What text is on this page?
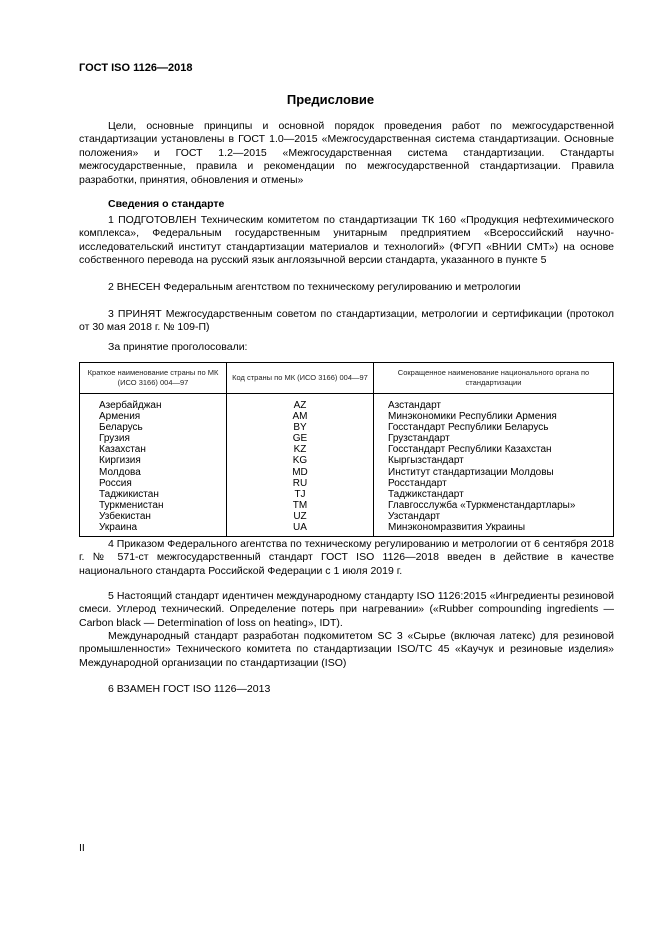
ГОСТ ISO 1126—2018
Предисловие
Цели, основные принципы и основной порядок проведения работ по межгосударственной стандартизации установлены в ГОСТ 1.0—2015 «Межгосударственная система стандартизации. Основные положения» и ГОСТ 1.2—2015 «Межгосударственная система стандартизации. Стандарты межгосударственные, правила и рекомендации по межгосударственной стандартизации. Правила разработки, принятия, обновления и отмены»
Сведения о стандарте
1 ПОДГОТОВЛЕН Техническим комитетом по стандартизации ТК 160 «Продукция нефтехимического комплекса», Федеральным государственным унитарным предприятием «Всероссийский научно-исследовательский институт стандартизации материалов и технологий» (ФГУП «ВНИИ СМТ») на основе собственного перевода на русский язык англоязычной версии стандарта, указанного в пункте 5
2 ВНЕСЕН Федеральным агентством по техническому регулированию и метрологии
3 ПРИНЯТ Межгосударственным советом по стандартизации, метрологии и сертификации (протокол от 30 мая 2018 г. № 109-П)
За принятие проголосовали:
Краткое наименование страны по МК (ИСО 3166) 004—97	Код страны по МК (ИСО 3166) 004—97	Сокращенное наименование национального органа по стандартизации
Азербайджан	AZ	Азстандарт
Армения	AM	Минэкономики Республики Армения
Беларусь	BY	Госстандарт Республики Беларусь
Грузия	GE	Грузстандарт
Казахстан	KZ	Госстандарт Республики Казахстан
Киргизия	KG	Кыргызстандарт
Молдова	MD	Институт стандартизации Молдовы
Россия	RU	Росстандарт
Таджикистан	TJ	Таджикстандарт
Туркменистан	TM	Главгосслужба «Туркменстандартлары»
Узбекистан	UZ	Узстандарт
Украина	UA	Минэкономразвития Украины
4 Приказом Федерального агентства по техническому регулированию и метрологии от 6 сентября 2018 г. № 571-ст межгосударственный стандарт ГОСТ ISO 1126—2018 введен в действие в качестве национального стандарта Российской Федерации с 1 июля 2019 г.
5 Настоящий стандарт идентичен международному стандарту ISO 1126:2015 «Ингредиенты резиновой смеси. Углерод технический. Определение потерь при нагревании» («Rubber compounding ingredients — Carbon black — Determination of loss on heating», IDT).
Международный стандарт разработан подкомитетом SC 3 «Сырье (включая латекс) для резиновой промышленности» Технического комитета по стандартизации ISO/TC 45 «Каучук и резиновые изделия» Международной организации по стандартизации (ISO)
6 ВЗАМЕН ГОСТ ISO 1126—2013
II
